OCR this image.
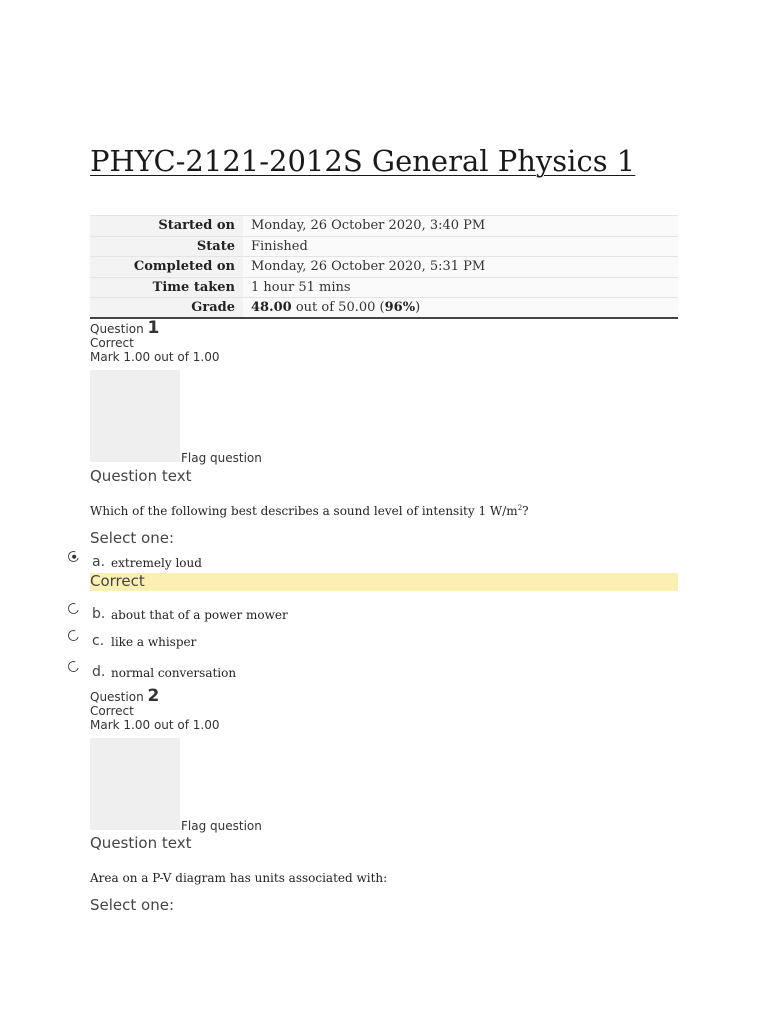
PHYC-2121-2012S General Physics 1
Started on	Monday, 26 October 2020, 3:40 PM
State	Finished
Completed on	Monday, 26 October 2020, 5:31 PM
Time taken	1 hour 51 mins
Grade	48.00 out of 50.00 (96%)
Question 1
Correct
Mark 1.00 out of 1.00
Flag question
Question text
Which of the following best describes a sound level of intensity 1 $W/m^2$?
Select one:
a. extremely loud
Correct
b. about that of a power mower
c. like a whisper
d. normal conversation
Question 2
Correct
Mark 1.00 out of 1.00
Flag question
Question text
Area on a P-V diagram has units associated with:
Select one:
